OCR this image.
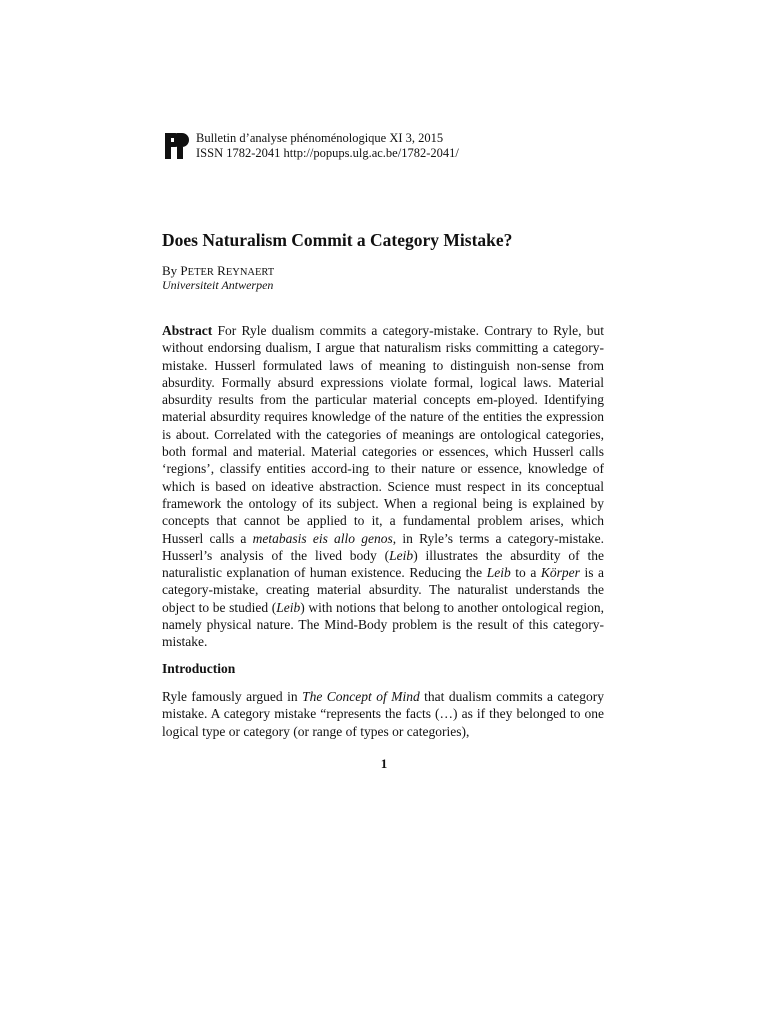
Bulletin d’analyse phénoménologique XI 3, 2015
ISSN 1782-2041 http://popups.ulg.ac.be/1782-2041/
Does Naturalism Commit a Category Mistake?
By PETER REYNAERT
Universiteit Antwerpen

Abstract For Ryle dualism commits a category-mistake. Contrary to Ryle, but without endorsing dualism, I argue that naturalism risks committing a category-mistake. Husserl formulated laws of meaning to distinguish non-sense from absurdity. Formally absurd expressions violate formal, logical laws. Material absurdity results from the particular material concepts em-ployed. Identifying material absurdity requires knowledge of the nature of the entities the expression is about. Correlated with the categories of meanings are ontological categories, both formal and material. Material categories or essences, which Husserl calls ‘regions’, classify entities accord-ing to their nature or essence, knowledge of which is based on ideative abstraction. Science must respect in its conceptual framework the ontology of its subject. When a regional being is explained by concepts that cannot be applied to it, a fundamental problem arises, which Husserl calls a metabasis eis allo genos, in Ryle’s terms a category-mistake. Husserl’s analysis of the lived body (Leib) illustrates the absurdity of the naturalistic explanation of human existence. Reducing the Leib to a Körper is a category-mistake, creating material absurdity. The naturalist understands the object to be studied (Leib) with notions that belong to another ontological region, namely physical nature. The Mind-Body problem is the result of this category-mistake.

Introduction

Ryle famously argued in The Concept of Mind that dualism commits a category mistake. A category mistake “represents the facts (…) as if they belonged to one logical type or category (or range of types or categories),

1
